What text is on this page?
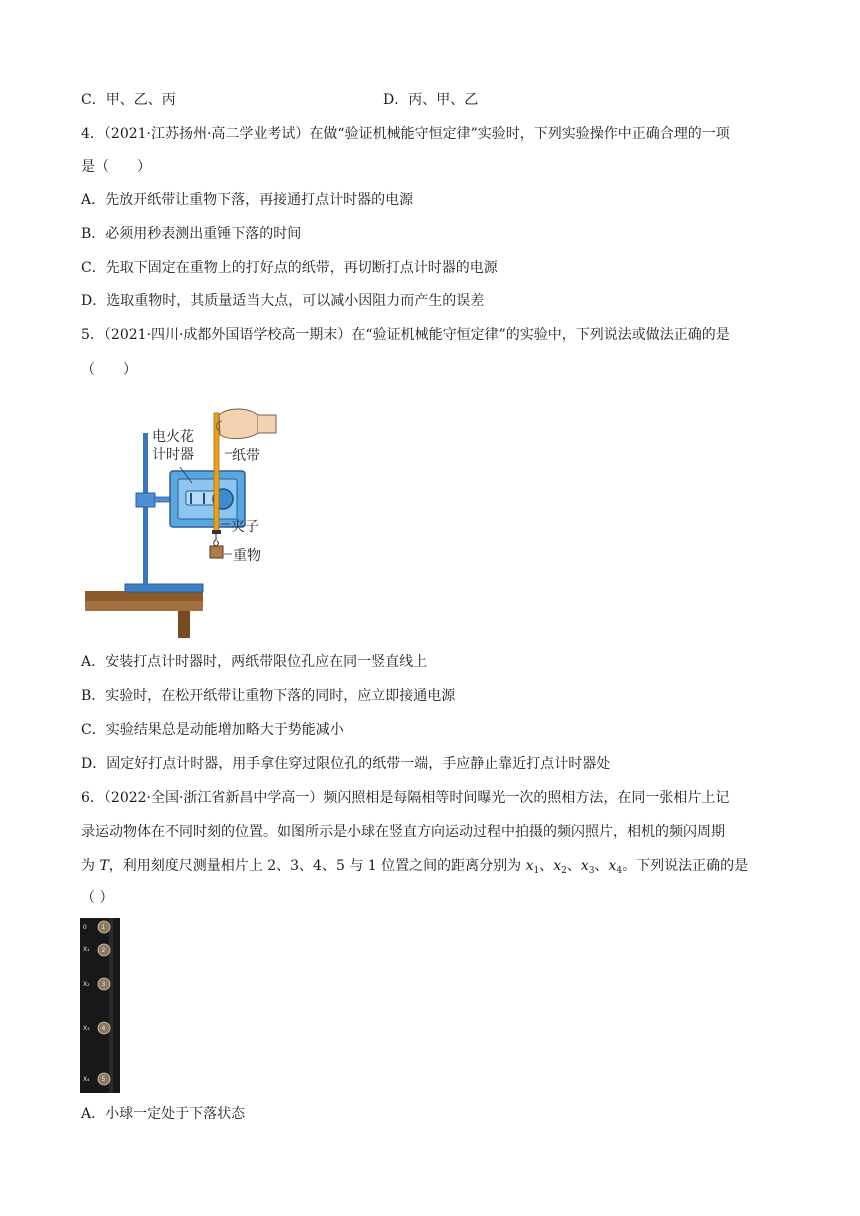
C．甲、乙、丙	D．丙、甲、乙
4．（2021·江苏扬州·高二学业考试）在做“验证机械能守恒定律”实验时，下列实验操作中正确合理的一项
是（　　）
A．先放开纸带让重物下落，再接通打点计时器的电源
B．必须用秒表测出重锤下落的时间
C．先取下固定在重物上的打好点的纸带，再切断打点计时器的电源
D．选取重物时，其质量适当大点，可以减小因阻力而产生的误差
5．（2021·四川·成都外国语学校高一期末）在“验证机械能守恒定律”的实验中，下列说法或做法正确的是
（　　）
电火花
计时器	纸带
夹子
重物
A．安装打点计时器时，两纸带限位孔应在同一竖直线上
B．实验时，在松开纸带让重物下落的同时，应立即接通电源
C．实验结果总是动能增加略大于势能减小
D．固定好打点计时器，用手拿住穿过限位孔的纸带一端，手应静止靠近打点计时器处
6．（2022·全国·浙江省新昌中学高一）频闪照相是每隔相等时间曝光一次的照相方法，在同一张相片上记
录运动物体在不同时刻的位置。如图所示是小球在竖直方向运动过程中拍摄的频闪照片，相机的频闪周期
为 T，利用刻度尺测量相片上 2、3、4、5 与 1 位置之间的距离分别为 $x_1$、$x_2$、$x_3$、$x_4$。下列说法正确的是
（ ）
0 1
X₁ 2
X₂ 3
X₃ 4
X₄ 5
A．小球一定处于下落状态
